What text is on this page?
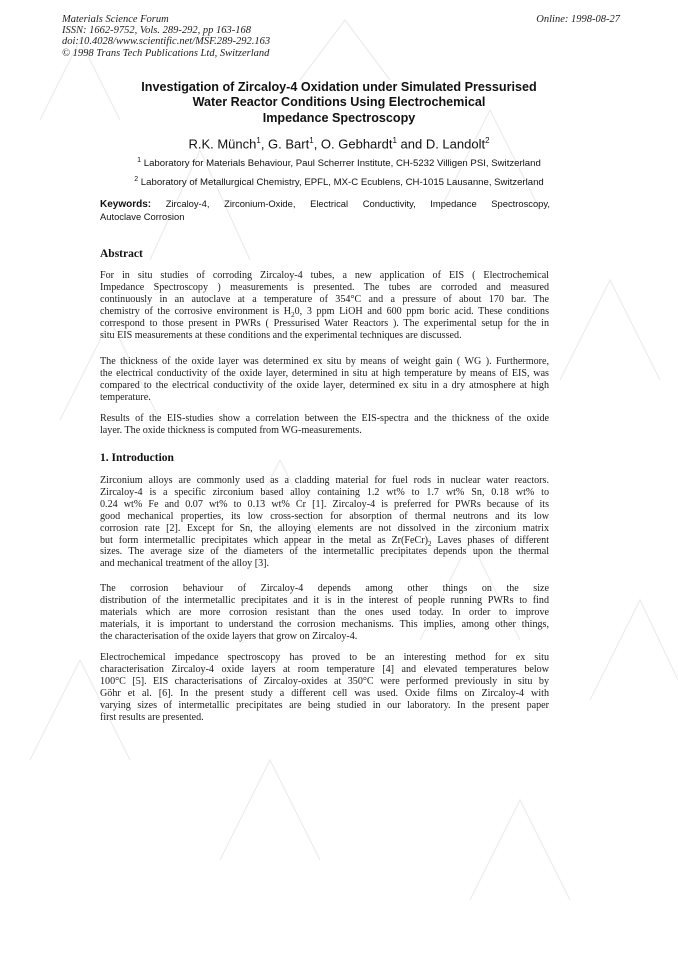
Materials Science Forum
ISSN: 1662-9752, Vols. 289-292, pp 163-168
doi:10.4028/www.scientific.net/MSF.289-292.163
© 1998 Trans Tech Publications Ltd, Switzerland
Online: 1998-08-27
Investigation of Zircaloy-4 Oxidation under Simulated Pressurised
Water Reactor Conditions Using Electrochemical
Impedance Spectroscopy
R.K. Münch$^1$, G. Bart$^1$, O. Gebhardt$^1$ and D. Landolt$^2$
$^1$ Laboratory for Materials Behaviour, Paul Scherrer Institute, CH-5232 Villigen PSI, Switzerland
$^2$ Laboratory of Metallurgical Chemistry, EPFL, MX-C Ecublens, CH-1015 Lausanne, Switzerland
Keywords: Zircaloy-4, Zirconium-Oxide, Electrical Conductivity, Impedance Spectroscopy,
Autoclave Corrosion
Abstract
For in situ studies of corroding Zircaloy-4 tubes, a new application of EIS ( Electrochemical
Impedance Spectroscopy ) measurements is presented. The tubes are corroded and measured
continuously in an autoclave at a temperature of 354°C and a pressure of about 170 bar. The
chemistry of the corrosive environment is $H_20$, 3 ppm LiOH and 600 ppm boric acid. These conditions
correspond to those present in PWRs ( Pressurised Water Reactors ). The experimental setup for the in
situ EIS measurements at these conditions and the experimental techniques are discussed.
The thickness of the oxide layer was determined ex situ by means of weight gain ( WG ). Furthermore,
the electrical conductivity of the oxide layer, determined in situ at high temperature by means of EIS, was
compared to the electrical conductivity of the oxide layer, determined ex situ in a dry atmosphere at high
temperature.
Results of the EIS-studies show a correlation between the EIS-spectra and the thickness of the oxide
layer. The oxide thickness is computed from WG-measurements.
1. Introduction
Zirconium alloys are commonly used as a cladding material for fuel rods in nuclear water reactors.
Zircaloy-4 is a specific zirconium based alloy containing 1.2 wt% to 1.7 wt% Sn, 0.18 wt% to
0.24 wt% Fe and 0.07 wt% to 0.13 wt% Cr [1]. Zircaloy-4 is preferred for PWRs because of its
good mechanical properties, its low cross-section for absorption of thermal neutrons and its low
corrosion rate [2]. Except for Sn, the alloying elements are not dissolved in the zirconium matrix
but form intermetallic precipitates which appear in the metal as $Zr(FeCr)_2$ Laves phases of different
sizes. The average size of the diameters of the intermetallic precipitates depends upon the thermal
and mechanical treatment of the alloy [3].
The corrosion behaviour of Zircaloy-4 depends among other things on the size
distribution of the intermetallic precipitates and it is in the interest of people running PWRs to find
materials which are more corrosion resistant than the ones used today. In order to improve
materials, it is important to understand the corrosion mechanisms. This implies, among other things,
the characterisation of the oxide layers that grow on Zircaloy-4.
Electrochemical impedance spectroscopy has proved to be an interesting method for ex situ
characterisation Zircaloy-4 oxide layers at room temperature [4] and elevated temperatures below
100°C [5]. EIS characterisations of Zircaloy-oxides at 350°C were performed previously in situ by
Göhr et al. [6]. In the present study a different cell was used. Oxide films on Zircaloy-4 with
varying sizes of intermetallic precipitates are being studied in our laboratory. In the present paper
first results are presented.
